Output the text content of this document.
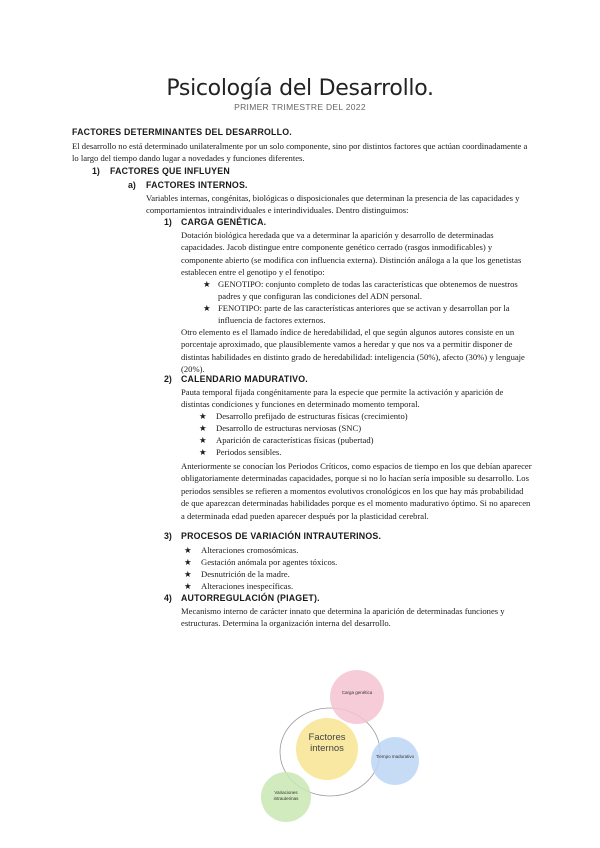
Psicología del Desarrollo.
PRIMER TRIMESTRE DEL 2022
FACTORES DETERMINANTES DEL DESARROLLO.
El desarrollo no está determinado unilateralmente por un solo componente, sino por distintos factores que actúan coordinadamente a lo largo del tiempo dando lugar a novedades y funciones diferentes.
1) FACTORES QUE INFLUYEN
a) FACTORES INTERNOS.
Variables internas, congénitas, biológicas o disposicionales que determinan la presencia de las capacidades y comportamientos intraindividuales e interindividuales. Dentro distinguimos:
1) CARGA GENÉTICA.
Dotación biológica heredada que va a determinar la aparición y desarrollo de determinadas capacidades. Jacob distingue entre componente genético cerrado (rasgos inmodificables) y componente abierto (se modifica con influencia externa). Distinción análoga a la que los genetistas establecen entre el genotipo y el fenotipo:
★ GENOTIPO: conjunto completo de todas las características que obtenemos de nuestros padres y que configuran las condiciones del ADN personal.
★ FENOTIPO: parte de las características anteriores que se activan y desarrollan por la influencia de factores externos.
Otro elemento es el llamado índice de heredabilidad, el que según algunos autores consiste en un porcentaje aproximado, que plausiblemente vamos a heredar y que nos va a permitir disponer de distintas habilidades en distinto grado de heredabilidad: inteligencia (50%), afecto (30%) y lenguaje (20%).
2) CALENDARIO MADURATIVO.
Pauta temporal fijada congénitamente para la especie que permite la activación y aparición de distintas condiciones y funciones en determinado momento temporal.
★ Desarrollo prefijado de estructuras físicas (crecimiento)
★ Desarrollo de estructuras nerviosas (SNC)
★ Aparición de características físicas (pubertad)
★ Periodos sensibles.
Anteriormente se conocían los Periodos Críticos, como espacios de tiempo en los que debían aparecer obligatoriamente determinadas capacidades, porque si no lo hacían sería imposible su desarrollo. Los periodos sensibles se refieren a momentos evolutivos cronológicos en los que hay más probabilidad de que aparezcan determinadas habilidades porque es el momento madurativo óptimo. Si no aparecen a determinada edad pueden aparecer después por la plasticidad cerebral.
3) PROCESOS DE VARIACIÓN INTRAUTERINOS.
★ Alteraciones cromosómicas.
★ Gestación anómala por agentes tóxicos.
★ Desnutrición de la madre.
★ Alteraciones inespecíficas.
4) AUTORREGULACIÓN (PIAGET).
Mecanismo interno de carácter innato que determina la aparición de determinadas funciones y estructuras. Determina la organización interna del desarrollo.
Factores internos
Carga genética
Tiempo madurativo
Variaciones intrauterinas
